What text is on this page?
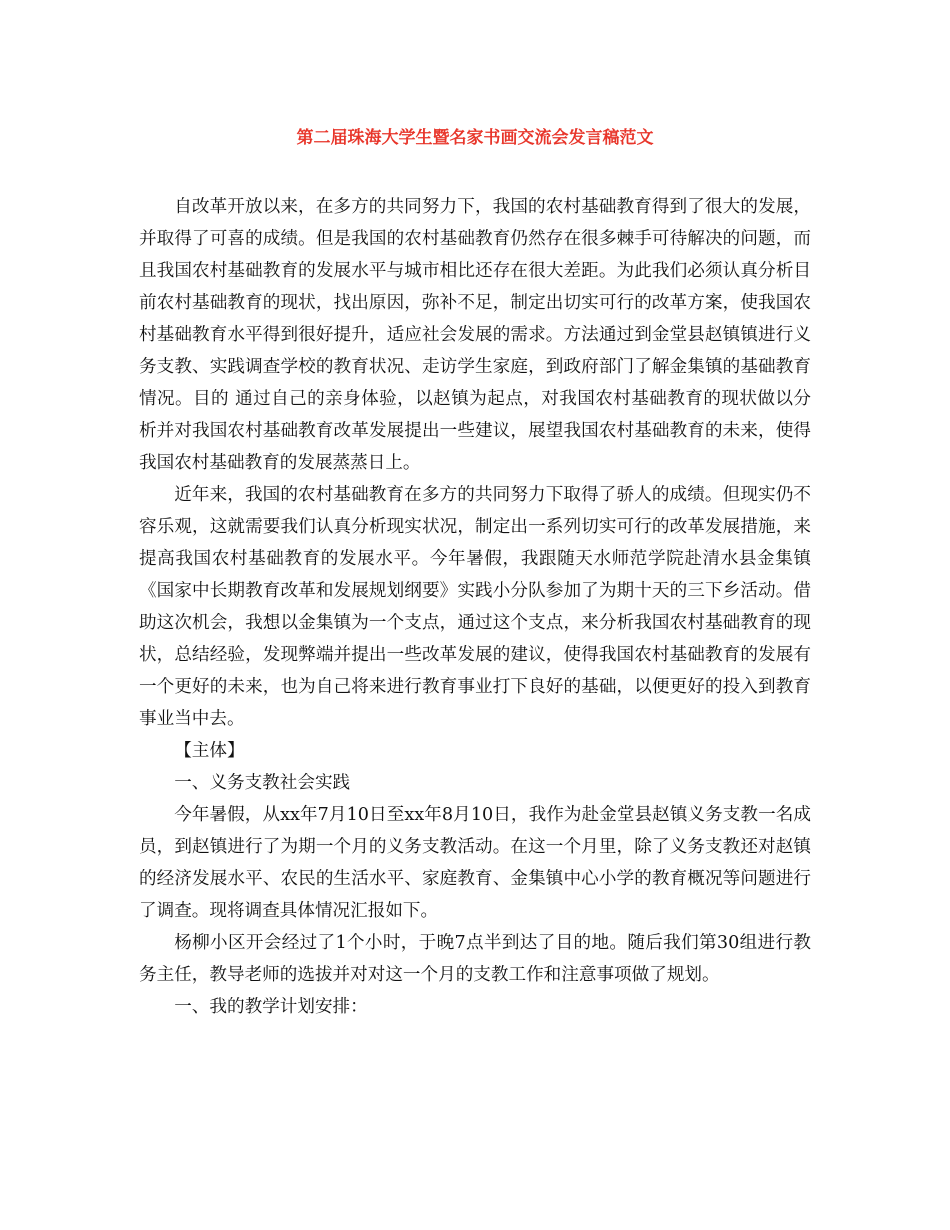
第二届珠海大学生暨名家书画交流会发言稿范文

自改革开放以来，在多方的共同努力下，我国的农村基础教育得到了很大的发展，并取得了可喜的成绩。但是我国的农村基础教育仍然存在很多棘手可待解决的问题，而且我国农村基础教育的发展水平与城市相比还存在很大差距。为此我们必须认真分析目前农村基础教育的现状，找出原因，弥补不足，制定出切实可行的改革方案，使我国农村基础教育水平得到很好提升，适应社会发展的需求。方法通过到金堂县赵镇镇进行义务支教、实践调查学校的教育状况、走访学生家庭，到政府部门了解金集镇的基础教育情况。目的 通过自己的亲身体验，以赵镇为起点，对我国农村基础教育的现状做以分析并对我国农村基础教育改革发展提出一些建议，展望我国农村基础教育的未来，使得我国农村基础教育的发展蒸蒸日上。

近年来，我国的农村基础教育在多方的共同努力下取得了骄人的成绩。但现实仍不容乐观，这就需要我们认真分析现实状况，制定出一系列切实可行的改革发展措施，来提高我国农村基础教育的发展水平。今年暑假，我跟随天水师范学院赴清水县金集镇《国家中长期教育改革和发展规划纲要》实践小分队参加了为期十天的三下乡活动。借助这次机会，我想以金集镇为一个支点，通过这个支点，来分析我国农村基础教育的现状，总结经验，发现弊端并提出一些改革发展的建议，使得我国农村基础教育的发展有一个更好的未来，也为自己将来进行教育事业打下良好的基础，以便更好的投入到教育事业当中去。

【主体】

一、义务支教社会实践

今年暑假，从xx年7月10日至xx年8月10日，我作为赴金堂县赵镇义务支教一名成员，到赵镇进行了为期一个月的义务支教活动。在这一个月里，除了义务支教还对赵镇的经济发展水平、农民的生活水平、家庭教育、金集镇中心小学的教育概况等问题进行了调查。现将调查具体情况汇报如下。

杨柳小区开会经过了1个小时，于晚7点半到达了目的地。随后我们第30组进行教务主任，教导老师的选拔并对对这一个月的支教工作和注意事项做了规划。

一、我的教学计划安排：
